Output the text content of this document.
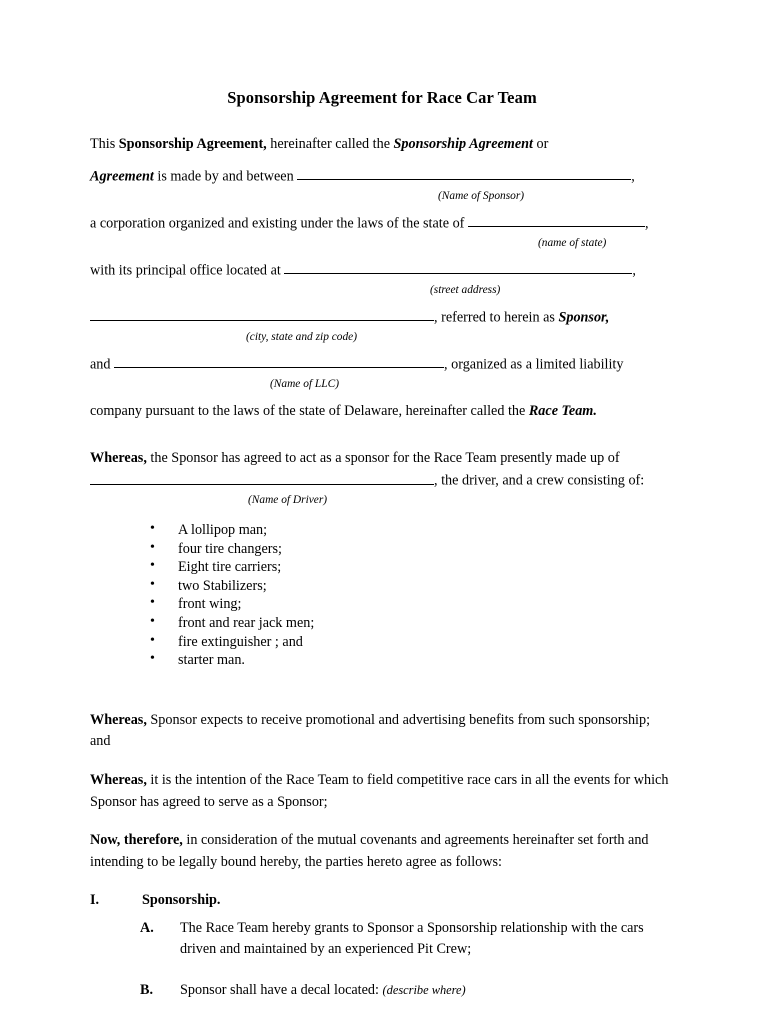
Sponsorship Agreement for Race Car Team
This Sponsorship Agreement, hereinafter called the Sponsorship Agreement or
Agreement is made by and between	,
(Name of Sponsor)
a corporation organized and existing under the laws of the state of	,
(name of state)
with its principal office located at	,
(street address)
, referred to herein as Sponsor,
(city, state and zip code)
and	, organized as a limited liability
(Name of LLC)
company pursuant to the laws of the state of Delaware, hereinafter called the Race Team.
Whereas, the Sponsor has agreed to act as a sponsor for the Race Team presently made up of
, the driver, and a crew consisting of:
(Name of Driver)
• A lollipop man;
• four tire changers;
• Eight tire carriers;
• two Stabilizers;
• front wing;
• front and rear jack men;
• fire extinguisher ; and
• starter man.
Whereas, Sponsor expects to receive promotional and advertising benefits from such sponsorship; and
Whereas, it is the intention of the Race Team to field competitive race cars in all the events for which Sponsor has agreed to serve as a Sponsor;
Now, therefore, in consideration of the mutual covenants and agreements hereinafter set forth and intending to be legally bound hereby, the parties hereto agree as follows:
I.	Sponsorship.
A.	The Race Team hereby grants to Sponsor a Sponsorship relationship with the cars driven and maintained by an experienced Pit Crew;
B.	Sponsor shall have a decal located: (describe where)
